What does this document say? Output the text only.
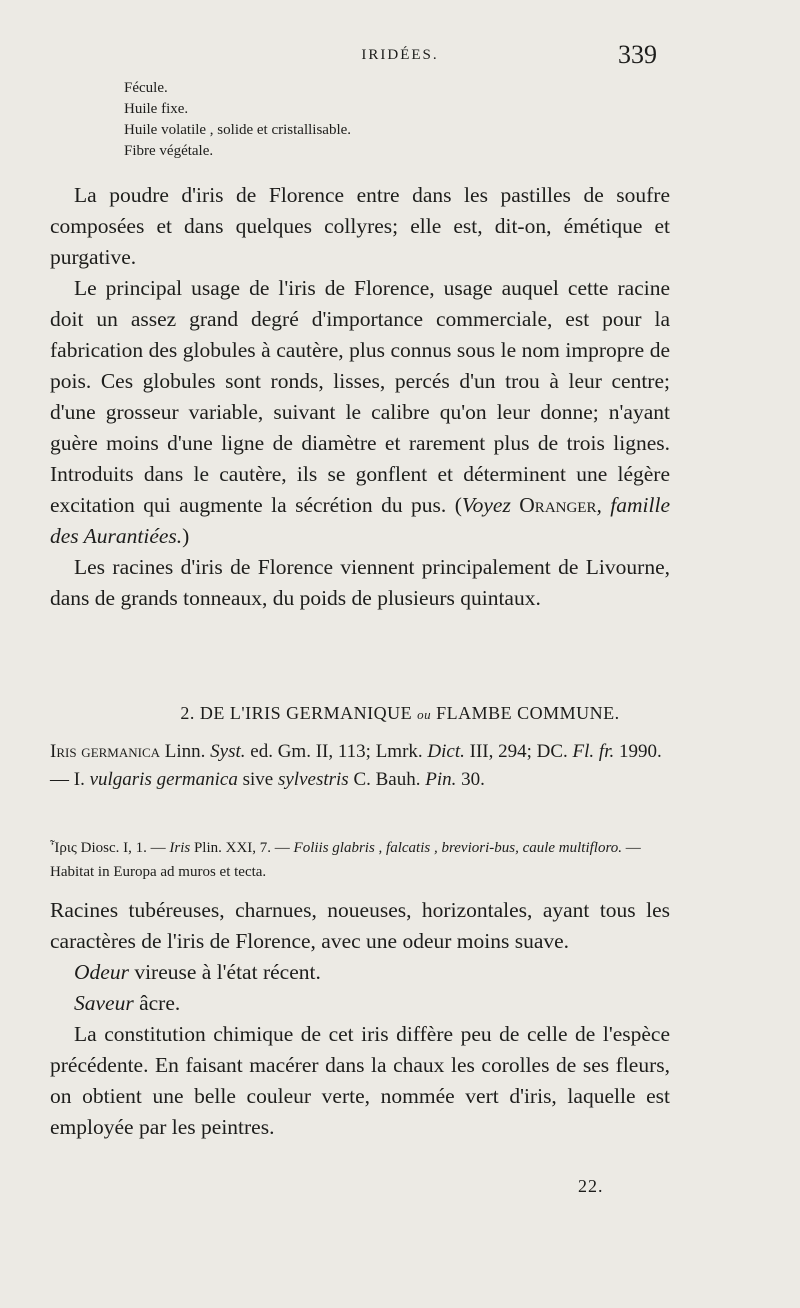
IRIDÉES.	339
Fécule.
Huile fixe.
Huile volatile , solide et cristallisable.
Fibre végétale.

La poudre d'iris de Florence entre dans les pastilles de soufre composées et dans quelques collyres; elle est, dit-on, émétique et purgative.

Le principal usage de l'iris de Florence, usage auquel cette racine doit un assez grand degré d'importance commerciale, est pour la fabrication des globules à cautère, plus connus sous le nom impropre de pois. Ces globules sont ronds, lisses, percés d'un trou à leur centre; d'une grosseur variable, suivant le calibre qu'on leur donne; n'ayant guère moins d'une ligne de diamètre et rarement plus de trois lignes. Introduits dans le cautère, ils se gonflent et déterminent une légère excitation qui augmente la sécrétion du pus. (Voyez Oranger, famille des Aurantiées.)

Les racines d'iris de Florence viennent principalement de Livourne, dans de grands tonneaux, du poids de plusieurs quintaux.

2. DE L'IRIS GERMANIQUE ou FLAMBE COMMUNE.
Iris germanica Linn. Syst. ed. Gm. II, 113; Lmrk. Dict. III, 294; DC. Fl. fr. 1990. — I. vulgaris germanica sive sylvestris C. Bauh. Pin. 30.
Ἶρις Diosc. I, 1. — Iris Plin. XXI, 7. — Foliis glabris , falcatis , breviori-bus, caule multifloro. — Habitat in Europa ad muros et tecta.

Racines tubéreuses, charnues, noueuses, horizontales, ayant tous les caractères de l'iris de Florence, avec une odeur moins suave.

Odeur vireuse à l'état récent.

Saveur âcre.

La constitution chimique de cet iris diffère peu de celle de l'espèce précédente. En faisant macérer dans la chaux les corolles de ses fleurs, on obtient une belle couleur verte, nommée vert d'iris, laquelle est employée par les peintres.

22.
